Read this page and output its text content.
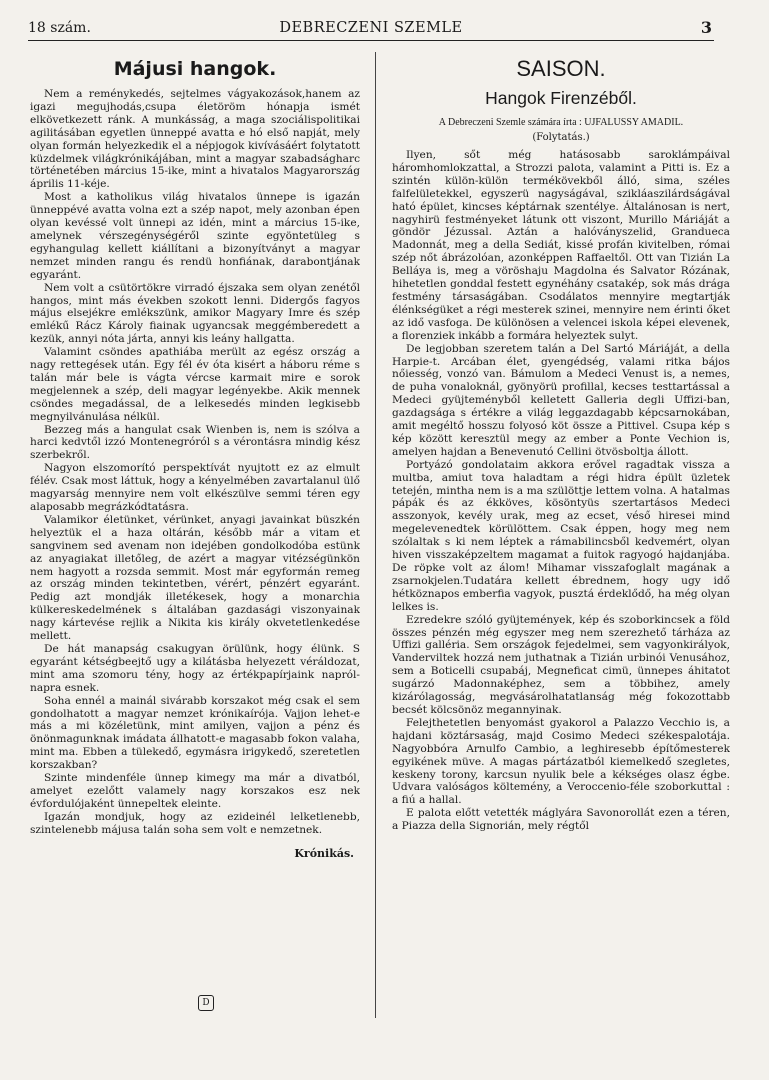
18 szám.	DEBRECZENI SZEMLE	3
Májusi hangok.

Nem a reménykedés, sejtelmes vágyakozások,hanem az igazi megujhodás,csupa életöröm hónapja ismét elkövetkezett ránk. A munkásság, a maga szociálispolitikai agilitásában egyetlen ünneppé avatta e hó első napját, mely olyan formán helyezkedik el a népjogok kivívásáért folytatott küzdelmek világkrónikájában, mint a magyar szabadságharc történetében március 15-ike, mint a hivatalos Magyarország április 11-kéje.

Most a katholikus világ hivatalos ünnepe is igazán ünneppévé avatta volna ezt a szép napot, mely azonban épen olyan kevéssé volt ünnepi az idén, mint a március 15-ike, amelynek vérszegénységéről szinte egyöntetüleg s egyhangulag kellett kiállítani a bizonyítványt a magyar nemzet minden rangu és rendü honfiának, darabontjának egyaránt.

Nem volt a csütörtökre virradó éjszaka sem olyan zenétől hangos, mint más években szokott lenni. Didergős fagyos május elsejékre emlékszünk, amikor Magyary Imre és szép emlékű Rácz Károly fiainak ugyancsak meggémberedett a kezük, annyi nóta járta, annyi kis leány hallgatta.

Valamint csöndes apathiába merült az egész ország a nagy rettegések után. Egy fél év óta kisért a háboru réme s talán már bele is vágta vércse karmait mire e sorok megjelennek a szép, deli magyar legényekbe. Akik mennek csöndes megadással, de a lelkesedés minden legkisebb megnyilvánulása nélkül.

Bezzeg más a hangulat csak Wienben is, nem is szólva a harci kedvtől izzó Montenegróról s a vérontásra mindig kész szerbekről.

Nagyon elszomorító perspektívát nyujtott ez az elmult félév. Csak most láttuk, hogy a kényelmében zavartalanul ülő magyarság mennyire nem volt elkészülve semmi téren egy alaposabb megrázkódtatásra.

Valamikor életünket, vérünket, anyagi javainkat büszkén helyeztük el a haza oltárán, később már a vitam et sangvinem sed avenam non idejében gondolkodóba estünk az anyagiakat illetőleg, de azért a magyar vitézségünkön nem hagyott a rozsda semmit. Most már egyformán remeg az ország minden tekintetben, vérért, pénzért egyaránt. Pedig azt mondják illetékesek, hogy a monarchia külkereskedelmének s általában gazdasági viszonyainak nagy kártevése rejlik a Nikita kis király okvetetlenkedése mellett.

De hát manapság csakugyan örülünk, hogy élünk. S egyaránt kétségbeejtő ugy a kilátásba helyezett véráldozat, mint ama szomoru tény, hogy az értékpapírjaink napról-napra esnek.

Soha ennél a mainál sivárabb korszakot még csak el sem gondolhatott a magyar nemzet krónikaírója. Vajjon lehet-e más a mi közéletünk, mint amilyen, vajjon a pénz és önönmagunknak imádata állhatott-e magasabb fokon valaha, mint ma. Ebben a tülekedő, egymásra irigykedő, szeretetlen korszakban?

Szinte mindenféle ünnep kimegy ma már a divatból, amelyet ezelőtt valamely nagy korszakos esz nek évfordulójaként ünnepeltek eleinte.

Igazán mondjuk, hogy az ezideinél lelketlenebb, szintelenebb májusa talán soha sem volt e nemzetnek.

Krónikás.
D
SAISON.
Hangok Firenzéből.
A Debreczeni Szemle számára írta : UJFALUSSY AMADIL.
(Folytatás.)

Ilyen, sőt még hatásosabb saroklámpáival háromhomlokzattal, a Strozzi palota, valamint a Pitti is. Ez a szintén külön-külön termékövekből álló, sima, széles falfelületekkel, egyszerü nagyságával, szikláaszilárdságával ható épület, kincses képtárnak szentélye. Általánosan is nert, nagyhirü festményeket látunk ott viszont, Murillo Máriáját a göndör Jézussal. Aztán a halóványszelid, Grandueca Madonnát, meg a della Sediát, kissé profán kivitelben, római szép nőt ábrázolóan, azonképpen Raffaeltől. Ott van Tizián La Belláya is, meg a vöröshaju Magdolna és Salvator Rózának, hihetetlen gonddal festett egynéhány csatakép, sok más drága festmény társaságában. Csodálatos mennyire megtartják élénkségüket a régi mesterek szinei, mennyire nem érinti őket az idő vasfoga. De különösen a velencei iskola képei elevenek, a florenziek inkább a formára helyeztek sulyt.

De legjobban szeretem talán a Del Sartó Máriáját, a della Harpie-t. Arcában élet, gyengédség, valami ritka bájos nőiesség, vonzó van. Bámulom a Medeci Venust is, a nemes, de puha vonaloknál, gyönyörü profillal, kecses testtartással a Medeci gyüjteményből kelletett Galleria degli Uffizi-ban, gazdagsága s értékre a világ leggazdagabb képcsarnokában, amit megéltő hosszu folyosó köt össze a Pittivel. Csupa kép s kép között keresztül megy az ember a Ponte Vechion is, amelyen hajdan a Benevenutó Cellini ötvösboltja állott.

Portyázó gondolataim akkora erővel ragadtak vissza a multba, amiut tova haladtam a régi hidra épült üzletek tetején, mintha nem is a ma szülöttje lettem volna. A hatalmas pápák és az ékköves, kösöntyüs szertartásos Medeci asszonyok, kevély urak, meg az ecset, véső hiresei mind megelevenedtek körülöttem. Csak éppen, hogy meg nem szólaltak s ki nem léptek a rámabilincsből kedvemért, olyan hiven visszaképzeltem magamat a fuitok ragyogó hajdanjába. De röpke volt az álom! Mihamar visszafoglalt magának a zsarnokjelen.Tudatára kellett ébrednem, hogy ugy idő hétköznapos emberfia vagyok, pusztá érdeklődő, ha még olyan lelkes is.

Ezredekre szóló gyüjtemények, kép és szoborkincsek a föld összes pénzén még egyszer meg nem szerezhető tárháza az Uffizi galléria. Sem országok fejedelmei, sem vagyonkirályok, Vanderviltek hozzá nem juthatnak a Tizián urbinói Venusához, sem a Boticelli csupabáj, Megneficat cimü, ünnepes áhitatot sugárzó Madonnaképhez, sem a többihez, amely kizárólagosság, megvásárolhatatlanság még fokozottabb becsét kölcsönöz megannyinak.

Felejthetetlen benyomást gyakorol a Palazzo Vecchio is, a hajdani köztársaság, majd Cosimo Medeci székespalotája. Nagyobbóra Arnulfo Cambio, a leghiresebb építőmesterek egyikének müve. A magas pártázatból kiemelkedő szegletes, keskeny torony, karcsun nyulik bele a kékséges olasz égbe. Udvara valóságos költemény, a Veroccenio-féle szoborkuttal : a fiú a hallal.

E palota előtt vetették máglyára Savonorollát ezen a téren, a Piazza della Signorián, mely régtől
